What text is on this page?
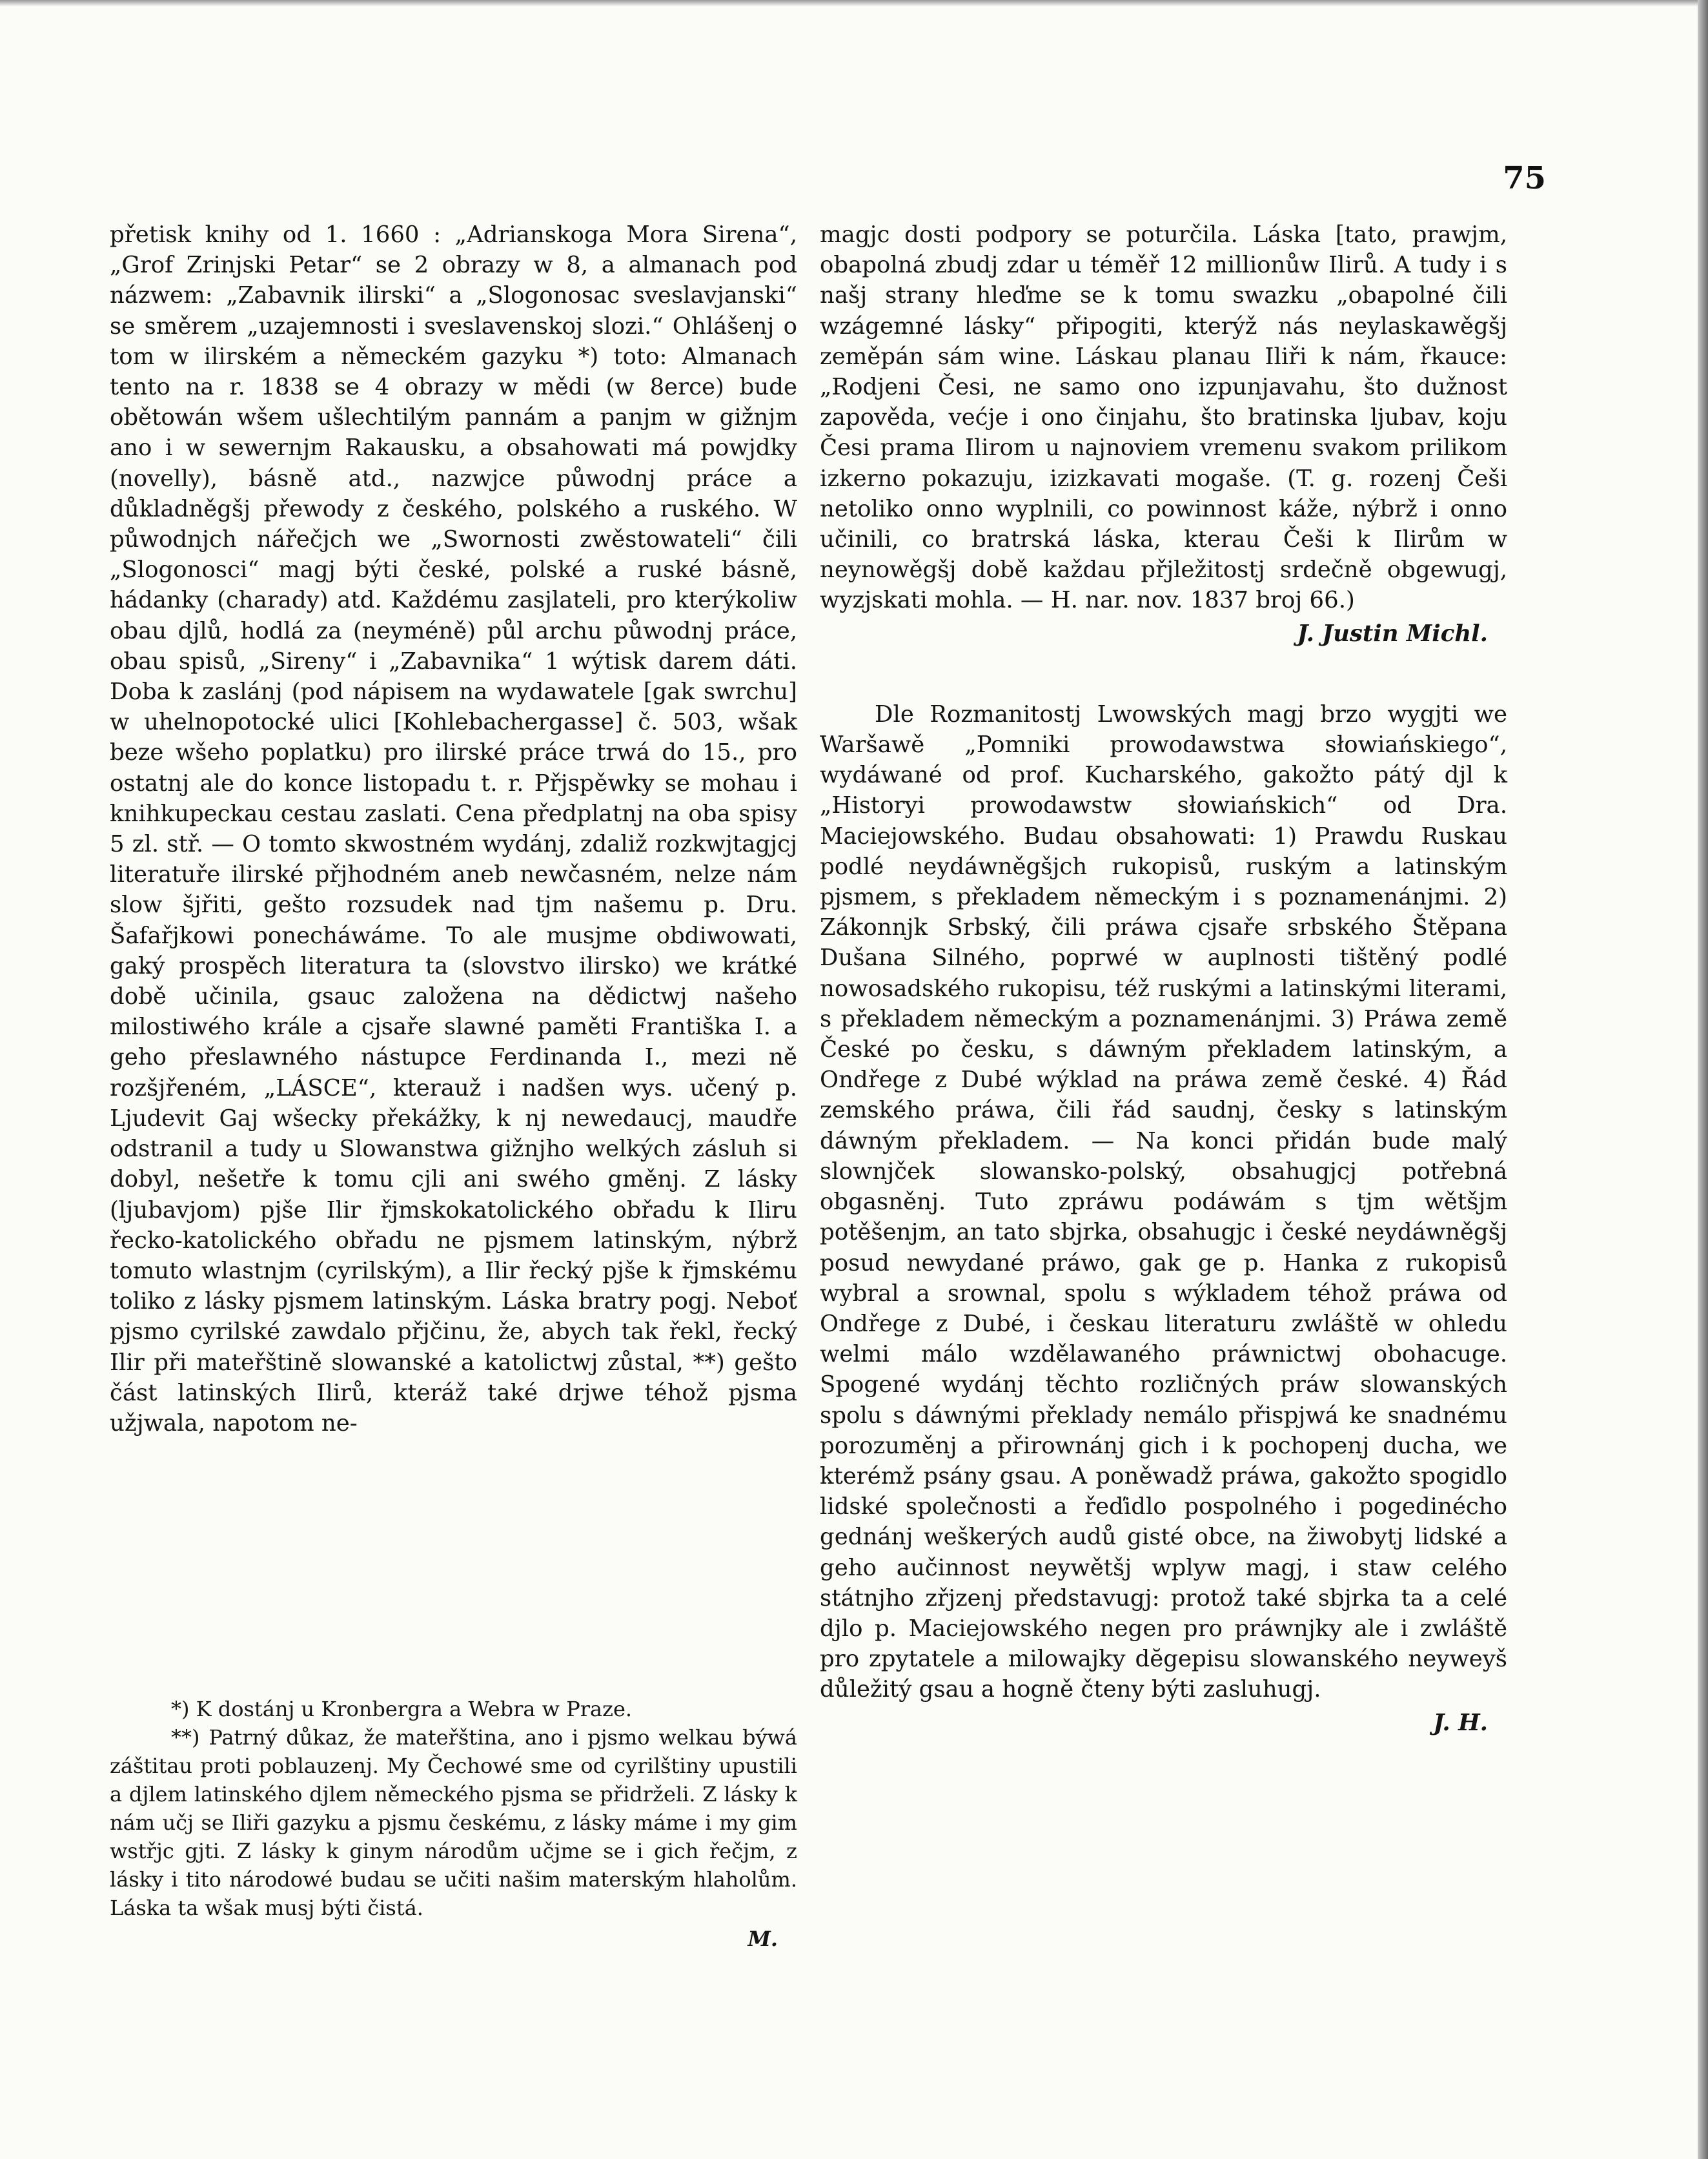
75

přetisk knihy od 1. 1660 : „Adrianskoga Mora Sirena“, „Grof Zrinjski Petar“ se 2 obrazy w 8, a almanach pod názwem: „Zabavnik ilirski“ a „Slogonosac sveslavjanski“ se směrem „uzajemnosti i sveslavenskoj slozi.“ Ohlášenj o tom w ilirském a německém gazyku *) toto: Almanach tento na r. 1838 se 4 obrazy w mědi (w 8erce) bude obětowán wšem ušlechtilým pannám a panjm w gižnjm ano i w sewernjm Rakausku, a obsahowati má powjdky (novelly), básně atd., nazwjce půwodnj práce a důkladněgšj přewody z českého, polského a ruského. W půwodnjch nářečjch we „Swornosti zwěstowateli“ čili „Slogonosci“ magj býti české, polské a ruské básně, hádanky (charady) atd. Každému zasjlateli, pro kterýkoliw obau djlů, hodlá za (neyméně) půl archu půwodnj práce, obau spisů, „Sireny“ i „Zabavnika“ 1 wýtisk darem dáti. Doba k zaslánj (pod nápisem na wydawatele [gak swrchu] w uhelnopotocké ulici [Kohlebachergasse] č. 503, wšak beze wšeho poplatku) pro ilirské práce trwá do 15., pro ostatnj ale do konce listopadu t. r. Přjspěwky se mohau i knihkupeckau cestau zaslati. Cena předplatnj na oba spisy 5 zl. stř. — O tomto skwostném wydánj, zdaliž rozkwjtagjcj literatuře ilirské přjhodném aneb newčasném, nelze nám slow šjřiti, gešto rozsudek nad tjm našemu p. Dru. Šafařjkowi ponecháwáme. To ale musjme obdiwowati, gaký prospěch literatura ta (slovstvo ilirsko) we krátké době učinila, gsauc založena na dědictwj našeho milostiwého krále a cjsaře slawné paměti Františka I. a geho přeslawného nástupce Ferdinanda I., mezi ně rozšjřeném, „LÁSCE“, kterauž i nadšen wys. učený p. Ljudevit Gaj wšecky překážky, k nj newedaucj, maudře odstranil a tudy u Slowanstwa gižnjho welkých zásluh si dobyl, nešetře k tomu cjli ani swého gměnj. Z lásky (ljubavjom) pjše Ilir řjmskokatolického obřadu k Iliru řecko-katolického obřadu ne pjsmem latinským, nýbrž tomuto wlastnjm (cyrilským), a Ilir řecký pjše k řjmskému toliko z lásky pjsmem latinským. Láska bratry pogj. Neboť pjsmo cyrilské zawdalo přjčinu, že, abych tak řekl, řecký Ilir při mateřštině slowanské a katolictwj zůstal, **) gešto část latinských Ilirů, kteráž také drjwe téhož pjsma užjwala, napotom ne-

*) K dostánj u Kronbergra a Webra w Praze.

**) Patrný důkaz, že mateřština, ano i pjsmo welkau býwá záštitau proti poblauzenj. My Čechowé sme od cyrilštiny upustili a djlem latinského djlem německého pjsma se přidrželi. Z lásky k nám učj se Iliři gazyku a pjsmu českému, z lásky máme i my gim wstřjc gjti. Z lásky k ginym národům učjme se i gich řečjm, z lásky i tito národowé budau se učiti našim materským hlaholům. Láska ta wšak musj býti čistá.

M.

magjc dosti podpory se poturčila. Láska [tato, prawjm, obapolná zbudj zdar u téměř 12 millionůw Ilirů. A tudy i s našj strany hleďme se k tomu swazku „obapolné čili wzágemné lásky“ připogiti, kterýž nás neylaskawěgšj zeměpán sám wine. Láskau planau Iliři k nám, řkauce: „Rodjeni Česi, ne samo ono izpunjavahu, što dužnost zapověda, većje i ono činjahu, što bratinska ljubav, koju Česi prama Ilirom u najnoviem vremenu svakom prilikom izkerno pokazuju, izizkavati mogaše. (T. g. rozenj Češi netoliko onno wyplnili, co powinnost káže, nýbrž i onno učinili, co bratrská láska, kterau Češi k Ilirům w neynowěgšj době každau přjležitostj srdečně obgewugj, wyzjskati mohla. — H. nar. nov. 1837 broj 66.)

J. Justin Michl.

Dle Rozmanitostj Lwowských magj brzo wygjti we Waršawě „Pomniki prowodawstwa słowiańskiego“, wydáwané od prof. Kucharského, gakožto pátý djl k „Historyi prowodawstw słowiańskich“ od Dra. Maciejowského. Budau obsahowati: 1) Prawdu Ruskau podlé neydáwněgšjch rukopisů, ruským a latinským pjsmem, s překladem německým i s poznamenánjmi. 2) Zákonnjk Srbský, čili práwa cjsaře srbského Štěpana Dušana Silného, poprwé w auplnosti tištěný podlé nowosadského rukopisu, též ruskými a latinskými literami, s překladem německým a poznamenánjmi. 3) Práwa země České po česku, s dáwným překladem latinským, a Ondřege z Dubé wýklad na práwa země české. 4) Řád zemského práwa, čili řád saudnj, česky s latinským dáwným překladem. — Na konci přidán bude malý slownjček slowansko-polský, obsahugjcj potřebná obgasněnj. Tuto zpráwu podáwám s tjm wětšjm potěšenjm, an tato sbjrka, obsahugjc i české neydáwněgšj posud newydané práwo, gak ge p. Hanka z rukopisů wybral a srownal, spolu s wýkladem téhož práwa od Ondřege z Dubé, i českau literaturu zwláště w ohledu welmi málo wzdělawaného práwnictwj obohacuge. Spogené wydánj těchto rozličných práw slowanských spolu s dáwnými překlady nemálo přispjwá ke snadnému porozuměnj a přirownánj gich i k pochopenj ducha, we kterémž psány gsau. A poněwadž práwa, gakožto spogidlo lidské společnosti a řeďidlo pospolného i pogedinécho gednánj weškerých audů gisté obce, na žiwobytj lidské a geho aučinnost neywětšj wplyw magj, i staw celého státnjho zřjzenj představugj: protož také sbjrka ta a celé djlo p. Maciejowského negen pro práwnjky ale i zwláště pro zpytatele a milowajky dĕgepisu slowanského neyweyš důležitý gsau a hogně čteny býti zasluhugj.

J. H.
